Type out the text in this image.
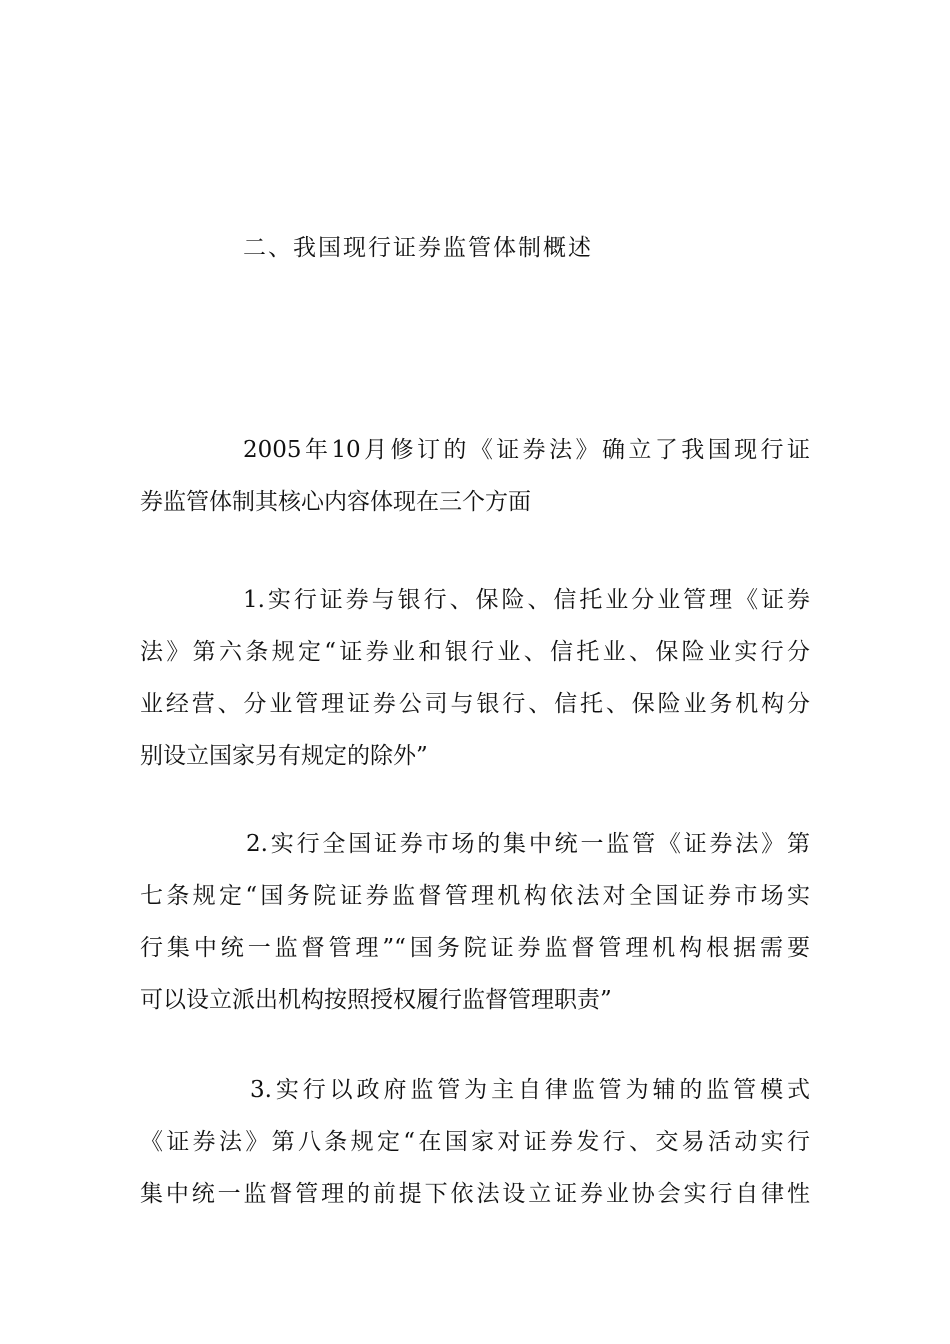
二、我国现行证券监管体制概述
2005年10月修订的《证券法》确立了我国现行证
券监管体制其核心内容体现在三个方面
1.实行证券与银行、保险、信托业分业管理《证券
法》第六条规定“证券业和银行业、信托业、保险业实行分
业经营、分业管理证券公司与银行、信托、保险业务机构分
别设立国家另有规定的除外”
2.实行全国证券市场的集中统一监管《证券法》第
七条规定“国务院证券监督管理机构依法对全国证券市场实
行集中统一监督管理”“国务院证券监督管理机构根据需要
可以设立派出机构按照授权履行监督管理职责”
3.实行以政府监管为主自律监管为辅的监管模式
《证券法》第八条规定“在国家对证券发行、交易活动实行
集中统一监督管理的前提下依法设立证券业协会实行自律性
